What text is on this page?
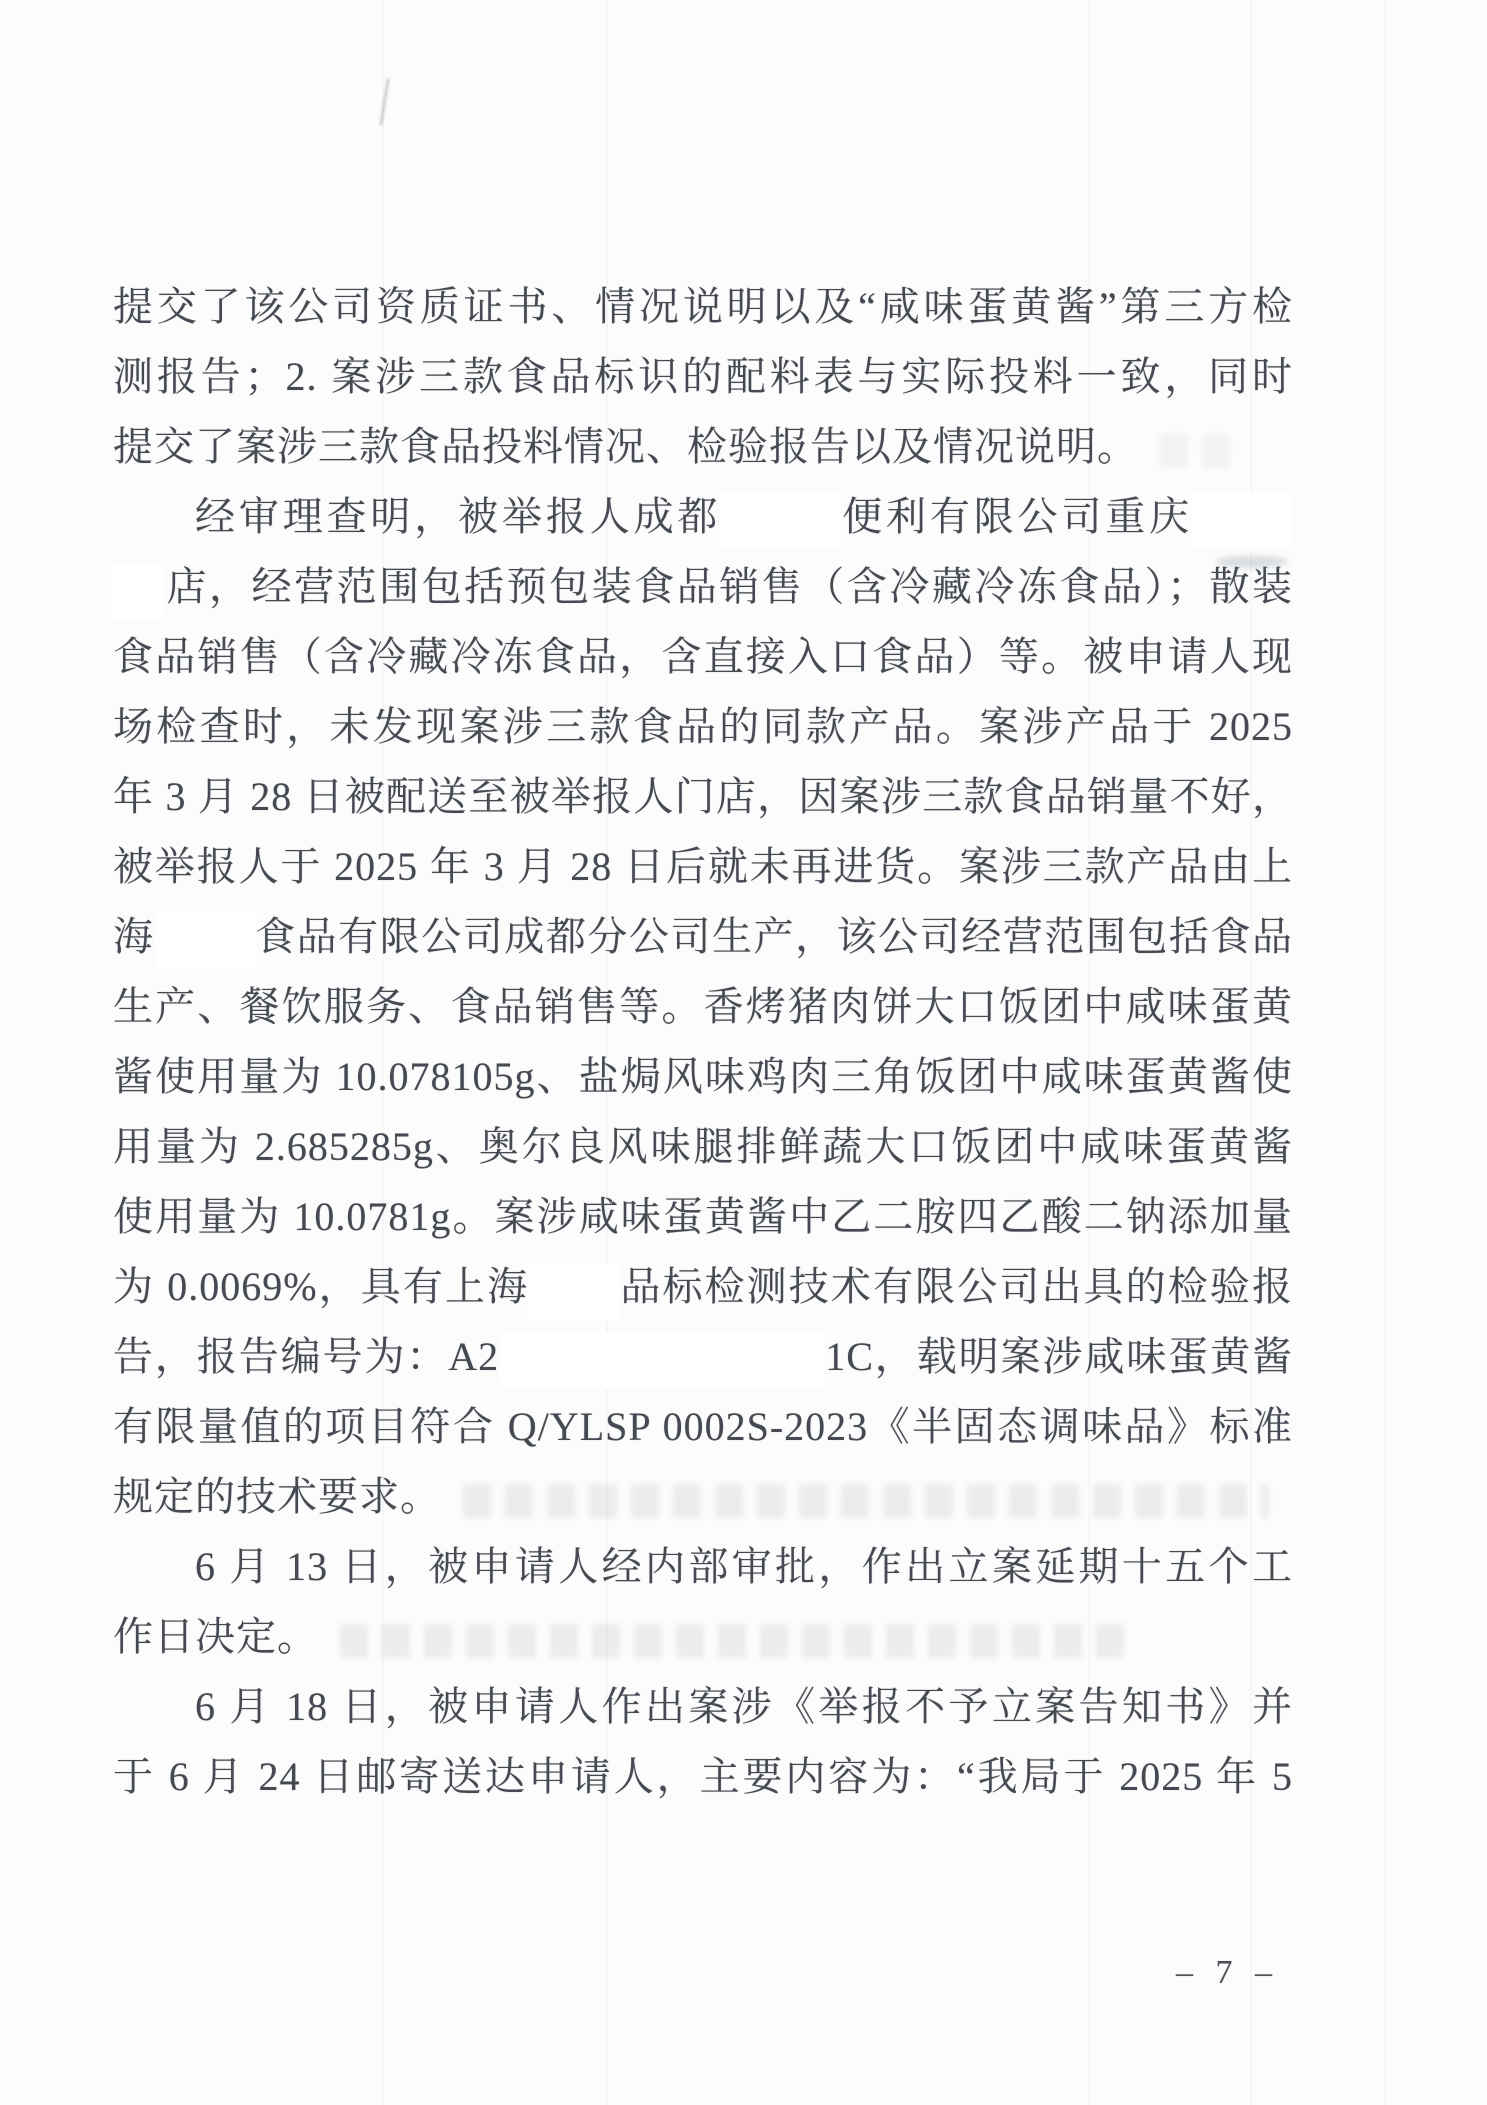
提交了该公司资质证书、情况说明以及“咸味蛋黄酱”第三方检

测报告；2. 案涉三款食品标识的配料表与实际投料一致，同时

提交了案涉三款食品投料情况、检验报告以及情况说明。

经审理查明，被举报人成都	便利有限公司重庆

店，经营范围包括预包装食品销售（含冷藏冷冻食品）；散装

食品销售（含冷藏冷冻食品，含直接入口食品）等。被申请人现

场检查时，未发现案涉三款食品的同款产品。案涉产品于 2025

年 3 月 28 日被配送至被举报人门店，因案涉三款食品销量不好，

被举报人于 2025 年 3 月 28 日后就未再进货。案涉三款产品由上

海	食品有限公司成都分公司生产，该公司经营范围包括食品

生产、餐饮服务、食品销售等。香烤猪肉饼大口饭团中咸味蛋黄

酱使用量为 10.078105g、盐焗风味鸡肉三角饭团中咸味蛋黄酱使

用量为 2.685285g、奥尔良风味腿排鲜蔬大口饭团中咸味蛋黄酱

使用量为 10.0781g。案涉咸味蛋黄酱中乙二胺四乙酸二钠添加量

为 0.0069%，具有上海 品标检测技术有限公司出具的检验报

告，报告编号为：A2	1C，载明案涉咸味蛋黄酱

有限量值的项目符合 Q/YLSP 0002S-2023《半固态调味品》标准

规定的技术要求。

6 月 13 日，被申请人经内部审批，作出立案延期十五个工

作日决定。

6 月 18 日，被申请人作出案涉《举报不予立案告知书》并

于 6 月 24 日邮寄送达申请人，主要内容为：“我局于 2025 年 5

– 7 –
